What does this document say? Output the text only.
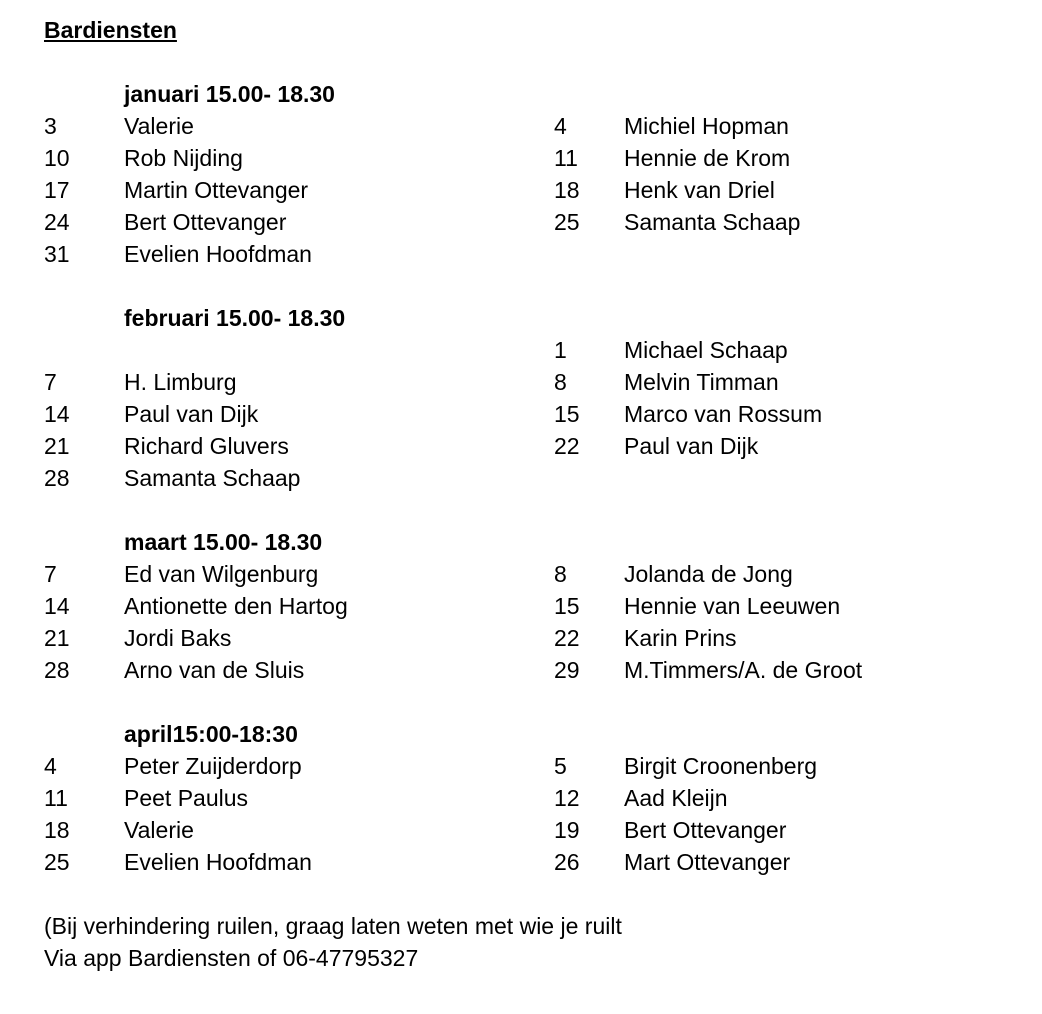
Bardiensten
januari 15.00- 18.30
3	Valerie	4 Michiel Hopman
10 Rob Nijding	11 Hennie de Krom
17 Martin Ottevanger	18 Henk van Driel
24 Bert Ottevanger	25 Samanta Schaap
31 Evelien Hoofdman
februari 15.00- 18.30
1 Michael Schaap
7	H. Limburg	8 Melvin Timman
14 Paul van Dijk	15 Marco van Rossum
21 Richard Gluvers	22 Paul van Dijk
28 Samanta Schaap
maart 15.00- 18.30
7	Ed van Wilgenburg	8 Jolanda de Jong
14 Antionette den Hartog	15 Hennie van Leeuwen
21 Jordi Baks	22 Karin Prins
28 Arno van de Sluis	29 M.Timmers/A. de Groot
april15:00-18:30
4	Peter Zuijderdorp	5 Birgit Croonenberg
11 Peet Paulus	12 Aad Kleijn
18 Valerie	19 Bert Ottevanger
25 Evelien Hoofdman	26 Mart Ottevanger
(Bij verhindering ruilen, graag laten weten met wie je ruilt
Via app Bardiensten of 06-47795327
